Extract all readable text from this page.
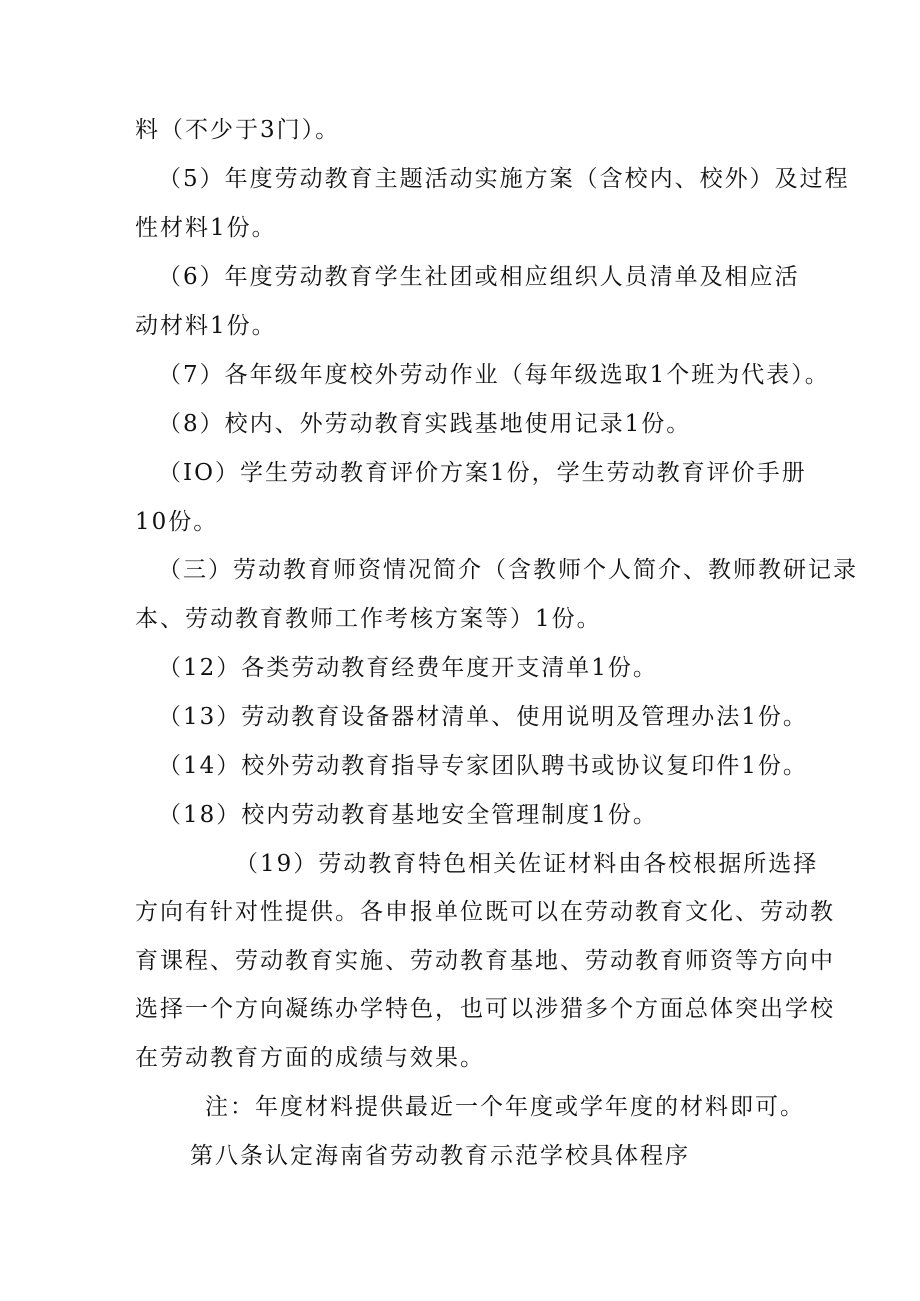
料（不少于3门）。
（5）年度劳动教育主题活动实施方案（含校内、校外）及过程
性材料1份。
（6）年度劳动教育学生社团或相应组织人员清单及相应活
动材料1份。
（7）各年级年度校外劳动作业（每年级选取1个班为代表）。
（8）校内、外劳动教育实践基地使用记录1份。
（IO）学生劳动教育评价方案1份，学生劳动教育评价手册
10份。
（三）劳动教育师资情况简介（含教师个人简介、教师教研记录
本、劳动教育教师工作考核方案等）1份。
（12）各类劳动教育经费年度开支清单1份。
（13）劳动教育设备器材清单、使用说明及管理办法1份。
（14）校外劳动教育指导专家团队聘书或协议复印件1份。
（18）校内劳动教育基地安全管理制度1份。
（19）劳动教育特色相关佐证材料由各校根据所选择
方向有针对性提供。各申报单位既可以在劳动教育文化、劳动教
育课程、劳动教育实施、劳动教育基地、劳动教育师资等方向中
选择一个方向凝练办学特色，也可以涉猎多个方面总体突出学校
在劳动教育方面的成绩与效果。
注：年度材料提供最近一个年度或学年度的材料即可。
第八条认定海南省劳动教育示范学校具体程序
